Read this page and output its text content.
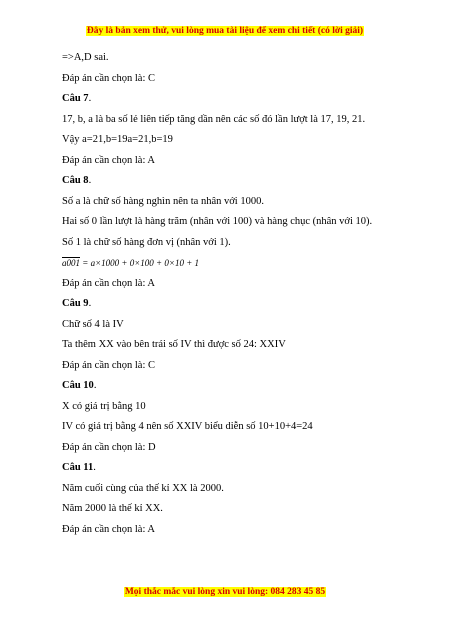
Đây là bản xem thử, vui lòng mua tài liệu để xem chi tiết (có lời giải)
=>A,D sai.
Đáp án cần chọn là: C
Câu 7.
17, b, a là ba số lẻ liên tiếp tăng dần nên các số đó lần lượt là 17, 19, 21.
Vậy a=21,b=19a=21,b=19
Đáp án cần chọn là: A
Câu 8.
Số a là chữ số hàng nghìn nên ta nhân với 1000.
Hai số 0 lần lượt là hàng trăm (nhân với 100) và hàng chục (nhân với 10).
Số 1 là chữ số hàng đơn vị (nhân với 1).
a001 = a×1000 + 0×100 + 0×10 + 1
Đáp án cần chọn là: A
Câu 9.
Chữ số 4 là IV
Ta thêm XX vào bên trái số IV thì được số 24: XXIV
Đáp án cần chọn là: C
Câu 10.
X có giá trị bằng 10
IV có giá trị bằng 4 nên số XXIV biểu diễn số 10+10+4=24
Đáp án cần chọn là: D
Câu 11.
Năm cuối cùng của thế kỉ XX là 2000.
Năm 2000 là thế kỉ XX.
Đáp án cần chọn là: A
Mọi thắc mắc vui lòng xin vui lòng: 084 283 45 85
